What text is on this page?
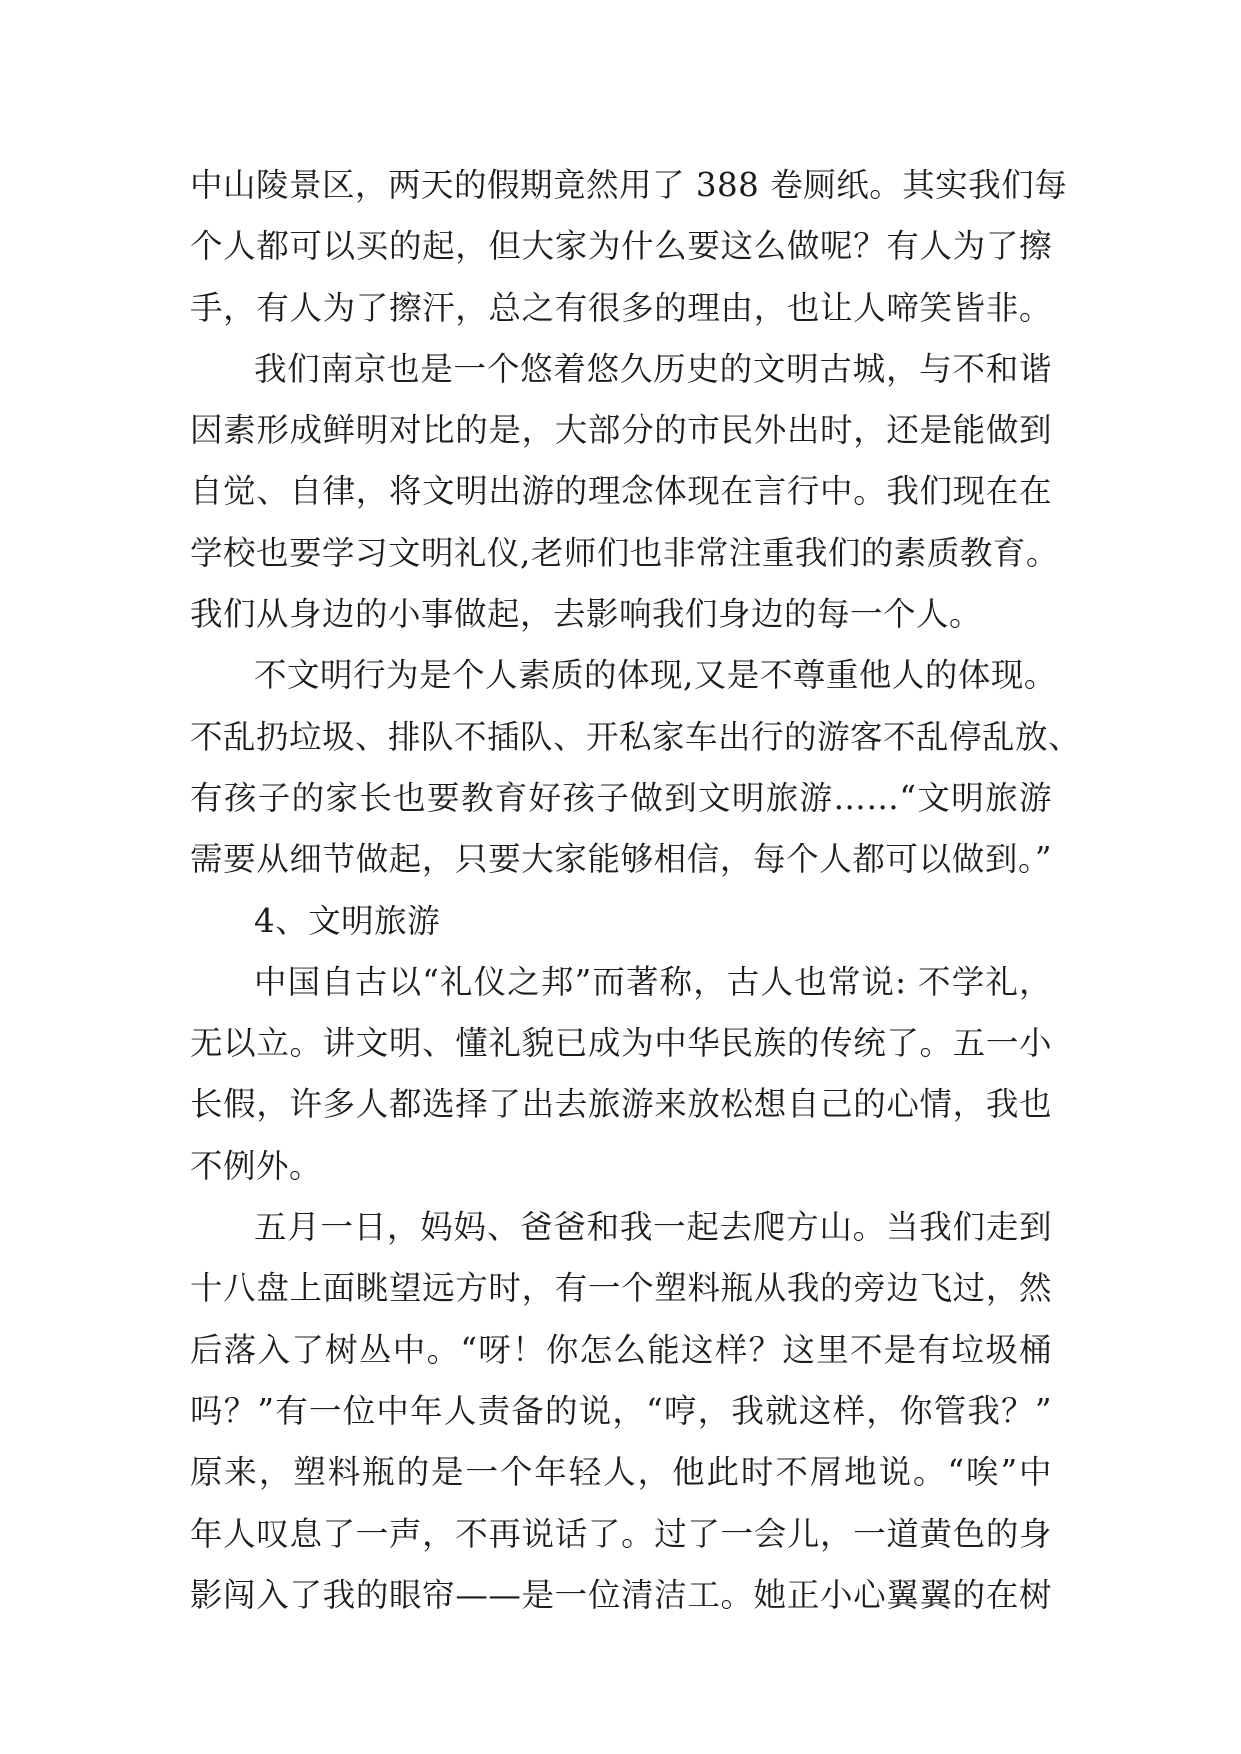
中山陵景区，两天的假期竟然用了 388 卷厕纸。其实我们每
个人都可以买的起，但大家为什么要这么做呢？有人为了擦
手，有人为了擦汗，总之有很多的理由，也让人啼笑皆非。
我们南京也是一个悠着悠久历史的文明古城，与不和谐
因素形成鲜明对比的是，大部分的市民外出时，还是能做到
自觉、自律，将文明出游的理念体现在言行中。我们现在在
学校也要学习文明礼仪,老师们也非常注重我们的素质教育。
我们从身边的小事做起，去影响我们身边的每一个人。
不文明行为是个人素质的体现,又是不尊重他人的体现。
不乱扔垃圾、排队不插队、开私家车出行的游客不乱停乱放、
有孩子的家长也要教育好孩子做到文明旅游……“文明旅游
需要从细节做起，只要大家能够相信，每个人都可以做到。”
4、文明旅游
中国自古以“礼仪之邦”而著称，古人也常说: 不学礼，
无以立。讲文明、懂礼貌已成为中华民族的传统了。五一小
长假，许多人都选择了出去旅游来放松想自己的心情，我也
不例外。
五月一日，妈妈、爸爸和我一起去爬方山。当我们走到
十八盘上面眺望远方时，有一个塑料瓶从我的旁边飞过，然
后落入了树丛中。“呀！你怎么能这样？这里不是有垃圾桶
吗？”有一位中年人责备的说，“哼，我就这样，你管我？”
原来，塑料瓶的是一个年轻人，他此时不屑地说。“唉”中
年人叹息了一声，不再说话了。过了一会儿，一道黄色的身
影闯入了我的眼帘——是一位清洁工。她正小心翼翼的在树
